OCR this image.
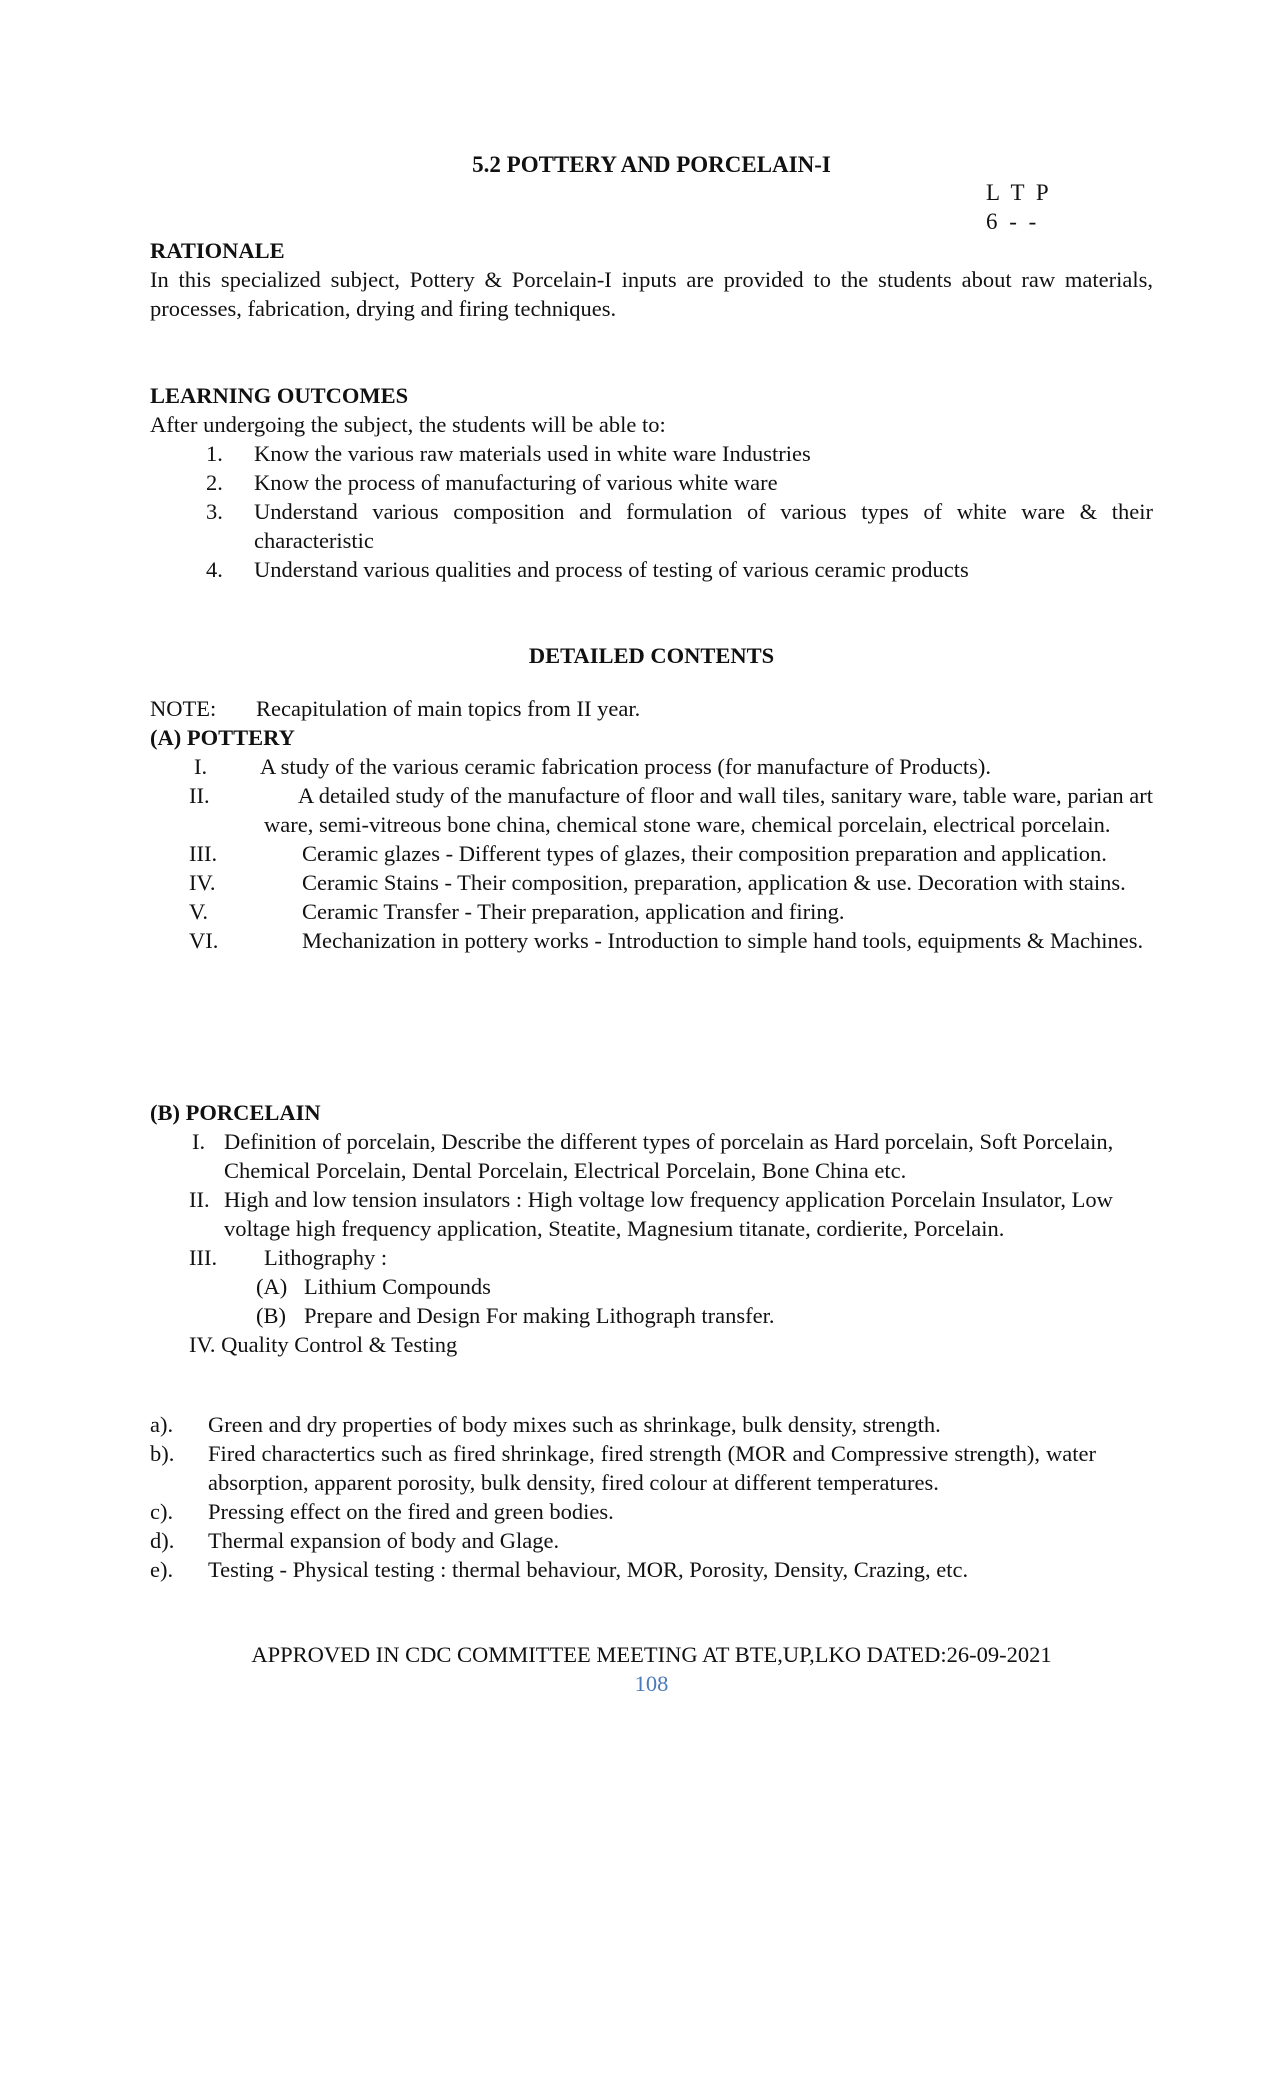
5.2 POTTERY AND PORCELAIN-I
L T P
6 - -
RATIONALE
In this specialized subject, Pottery & Porcelain-I inputs are provided to the students about raw materials, processes, fabrication, drying and firing techniques.
LEARNING OUTCOMES
After undergoing the subject, the students will be able to:
1. Know the various raw materials used in white ware Industries
2. Know the process of manufacturing of various white ware
3. Understand various composition and formulation of various types of white ware & their characteristic
4. Understand various qualities and process of testing of various ceramic products
DETAILED CONTENTS
NOTE: Recapitulation of main topics from II year.
(A) POTTERY
I. A study of the various ceramic fabrication process (for manufacture of Products).
II.	A detailed study of the manufacture of floor and wall tiles, sanitary ware, table ware, parian art ware, semi-vitreous bone china, chemical stone ware, chemical porcelain, electrical porcelain.
III.	Ceramic glazes - Different types of glazes, their composition preparation and application.
IV.	Ceramic Stains - Their composition, preparation, application & use. Decoration with stains.
V.	Ceramic Transfer - Their preparation, application and firing.
VI.	Mechanization in pottery works - Introduction to simple hand tools, equipments & Machines.
(B) PORCELAIN
I. Definition of porcelain, Describe the different types of porcelain as Hard porcelain, Soft Porcelain, Chemical Porcelain, Dental Porcelain, Electrical Porcelain, Bone China etc.
II. High and low tension insulators : High voltage low frequency application Porcelain Insulator, Low voltage high frequency application, Steatite, Magnesium titanate, cordierite, Porcelain.
III. Lithography :
(A) Lithium Compounds
(B) Prepare and Design For making Lithograph transfer.
IV. Quality Control & Testing
a). Green and dry properties of body mixes such as shrinkage, bulk density, strength.
b). Fired charactertics such as fired shrinkage, fired strength (MOR and Compressive strength), water absorption, apparent porosity, bulk density, fired colour at different temperatures.
c). Pressing effect on the fired and green bodies.
d). Thermal expansion of body and Glage.
e). Testing - Physical testing : thermal behaviour, MOR, Porosity, Density, Crazing, etc.
APPROVED IN CDC COMMITTEE MEETING AT BTE,UP,LKO DATED:26-09-2021
108
